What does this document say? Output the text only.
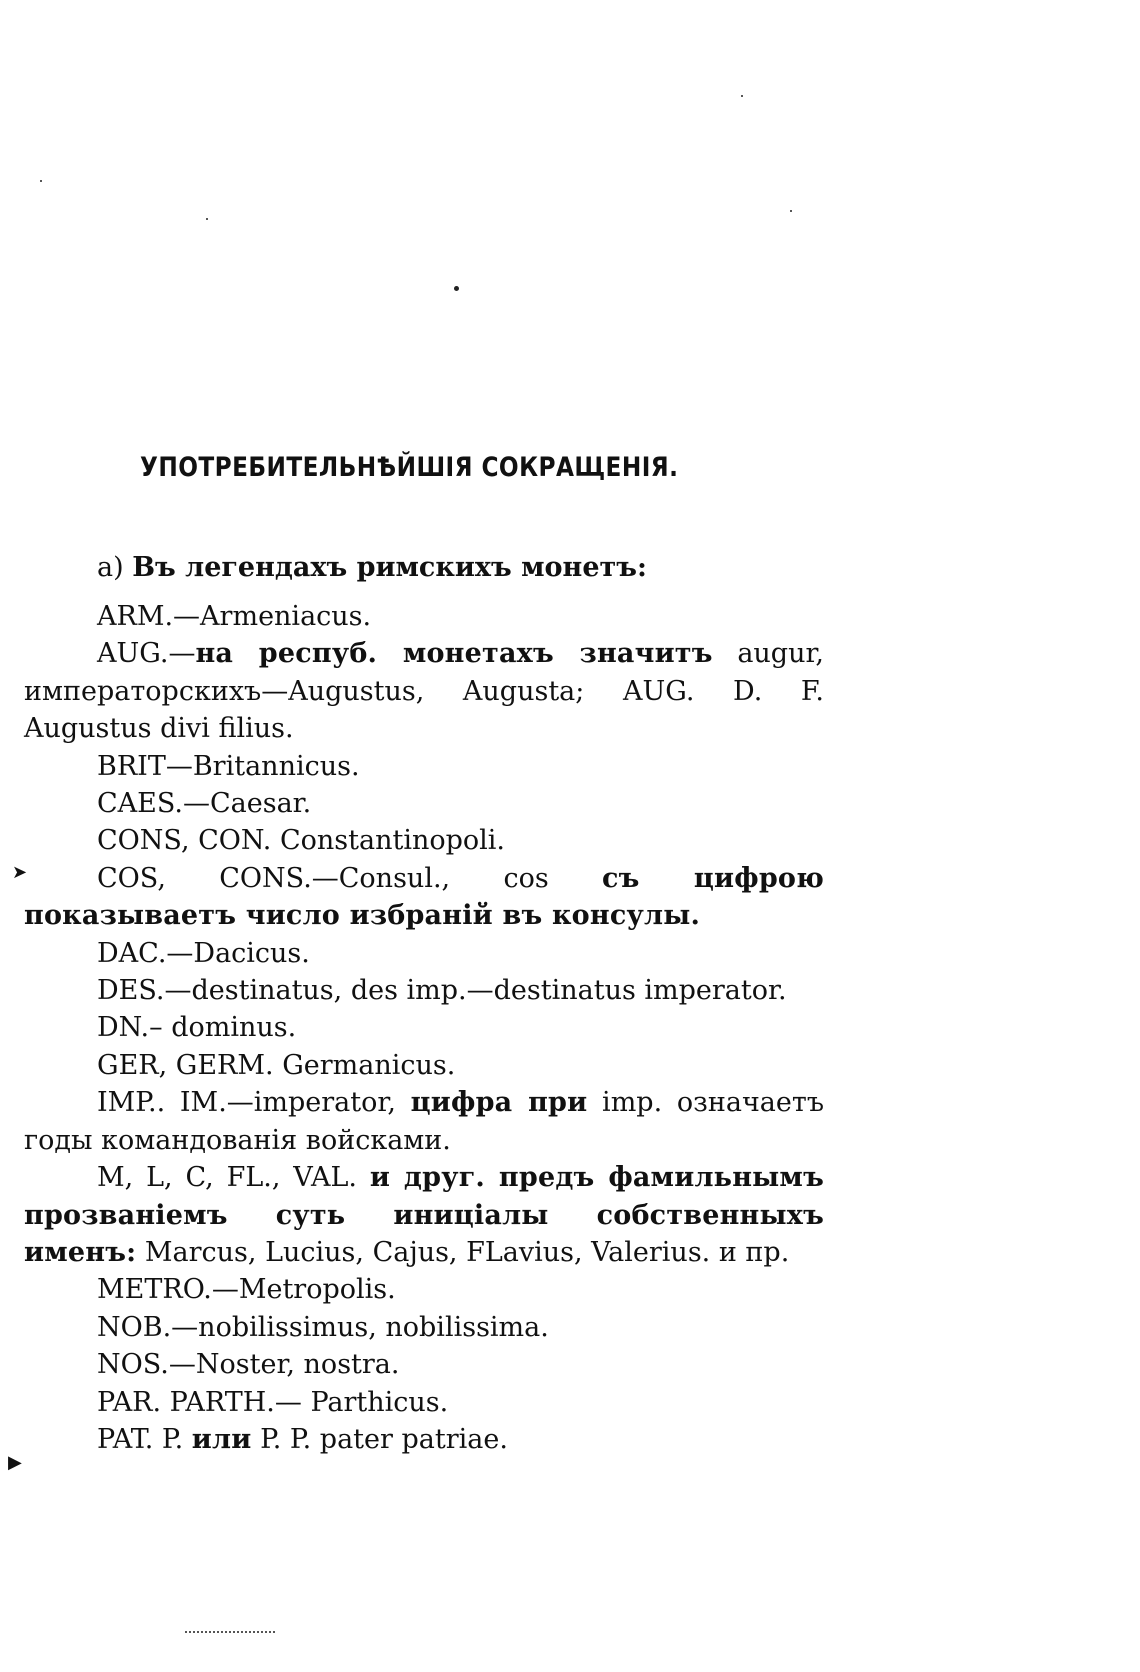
УПОТРЕБИТЕЛЬНѢЙШІЯ СОКРАЩЕНІЯ.
а) Въ легендахъ римскихъ монетъ:

ARM.—Armeniacus.

AUG.—на респуб. монетахъ значитъ augur, императорскихъ—Augustus, Augusta; AUG. D. F. Augustus divi filius.

BRIT—Britannicus.

CAES.—Caesar.

CONS, CON. Constantinopoli.

COS, CONS.—Consul., cos съ цифрою показываетъ число избраній въ консулы.

DAC.—Dacicus.

DES.—destinatus, des imp.—destinatus imperator.

DN.– dominus.

GER, GERM. Germanicus.

IMP.. IM.—imperator, цифра при imp. означаетъ годы командованія войсками.

M, L, C, FL., VAL. и друг. предъ фамильнымъ прозваніемъ суть иниціалы собственныхъ именъ: Marcus, Lucius, Cajus, FLavius, Valerius. и пр.

METRO.—Metropolis.

NOB.—nobilissimus, nobilissima.

NOS.—Noster, nostra.

PAR. PARTH.— Parthicus.

PAT. P. или P. P. pater patriae.

➤
▶
